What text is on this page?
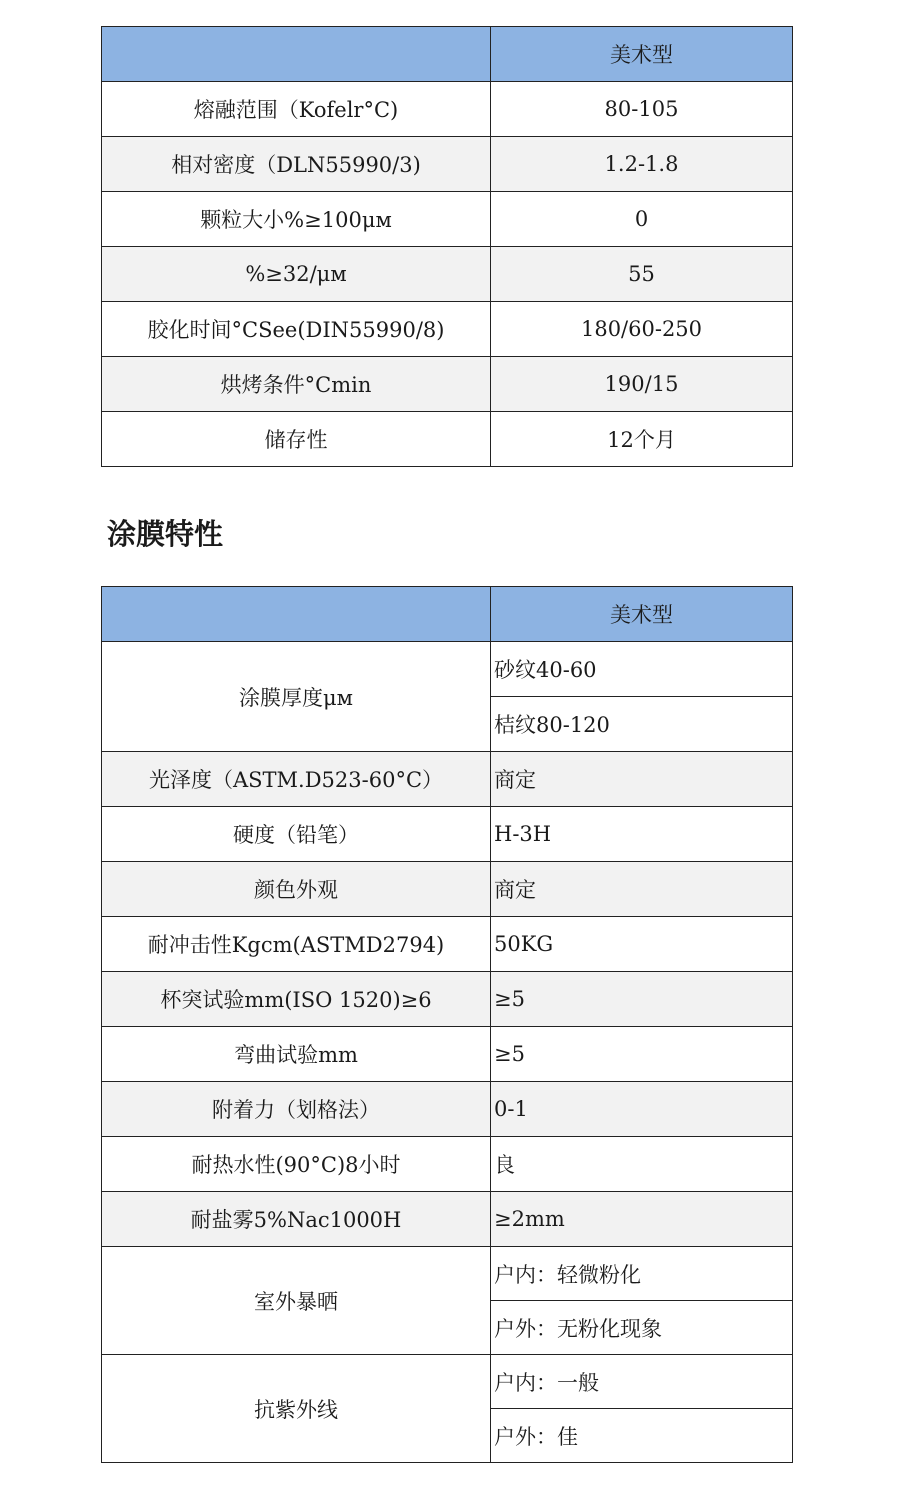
	美术型
熔融范围（Kofelr°C)	80-105
相对密度（DLN55990/3)	1.2-1.8
颗粒大小%≥100μм	0
%≥32/μм	55
胶化时间°CSee(DIN55990/8)	180/60-250
烘烤条件°Cmin	190/15
储存性	12个月
涂膜特性
	美术型
涂膜厚度μм	砂纹40-60
	桔纹80-120
光泽度（ASTM.D523-60°C）	商定
硬度（铅笔）	H-3H
颜色外观	商定
耐冲击性Kgcm(ASTMD2794)	50KG
杯突试验mm(ISO 1520)≥6	≥5
弯曲试验mm	≥5
附着力（划格法）	0-1
耐热水性(90°C)8小时	良
耐盐雾5%Nac1000H	≥2mm
室外暴晒	户内：轻微粉化
	户外：无粉化现象
抗紫外线	户内：一般
	户外：佳
